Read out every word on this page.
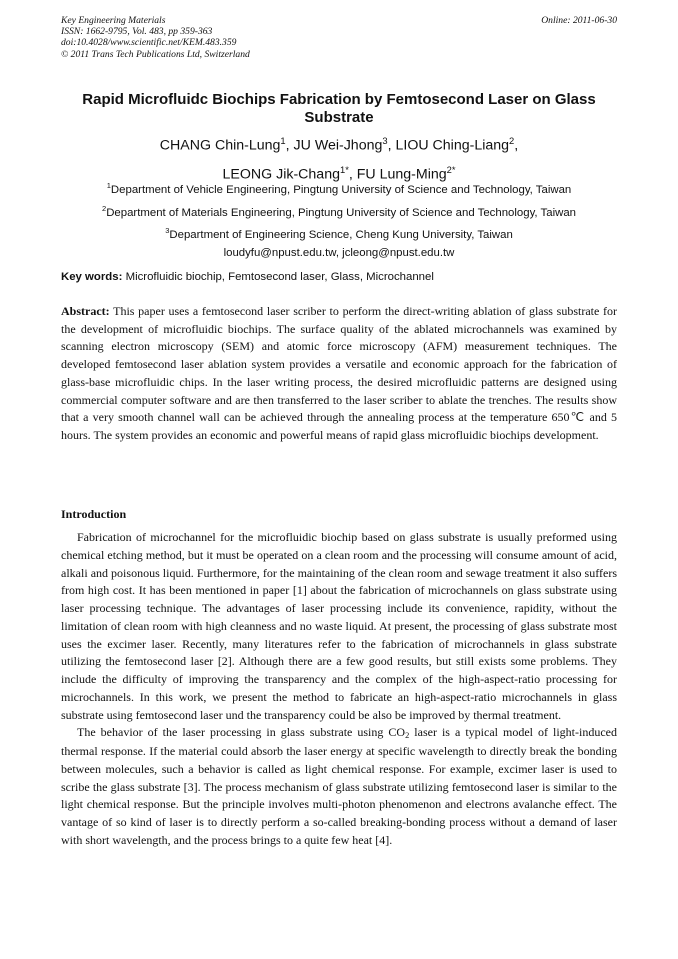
Key Engineering Materials
ISSN: 1662-9795, Vol. 483, pp 359-363
doi:10.4028/www.scientific.net/KEM.483.359
© 2011 Trans Tech Publications Ltd, Switzerland
Online: 2011-06-30
Rapid Microfluidc Biochips Fabrication by Femtosecond Laser on Glass Substrate
CHANG Chin-Lung$^1$, JU Wei-Jhong$^3$, LIOU Ching-Liang$^2$,
LEONG Jik-Chang$^{1*}$, FU Lung-Ming$^{2*}$
$^1$Department of Vehicle Engineering, Pingtung University of Science and Technology, Taiwan
$^2$Department of Materials Engineering, Pingtung University of Science and Technology, Taiwan
$^3$Department of Engineering Science, Cheng Kung University, Taiwan
loudyfu@npust.edu.tw, jcleong@npust.edu.tw
Key words: Microfluidic biochip, Femtosecond laser, Glass, Microchannel

Abstract: This paper uses a femtosecond laser scriber to perform the direct-writing ablation of glass substrate for the development of microfluidic biochips. The surface quality of the ablated microchannels was examined by scanning electron microscopy (SEM) and atomic force microscopy (AFM) measurement techniques. The developed femtosecond laser ablation system provides a versatile and economic approach for the fabrication of glass-base microfluidic chips. In the laser writing process, the desired microfluidic patterns are designed using commercial computer software and are then transferred to the laser scriber to ablate the trenches. The results show that a very smooth channel wall can be achieved through the annealing process at the temperature 650℃ and 5 hours. The system provides an economic and powerful means of rapid glass microfluidic biochips development.

Introduction

Fabrication of microchannel for the microfluidic biochip based on glass substrate is usually preformed using chemical etching method, but it must be operated on a clean room and the processing will consume amount of acid, alkali and poisonous liquid. Furthermore, for the maintaining of the clean room and sewage treatment it also suffers from high cost. It has been mentioned in paper [1] about the fabrication of microchannels on glass substrate using laser processing technique. The advantages of laser processing include its convenience, rapidity, without the limitation of clean room with high cleanness and no waste liquid. At present, the processing of glass substrate most uses the excimer laser. Recently, many literatures refer to the fabrication of microchannels in glass substrate utilizing the femtosecond laser [2]. Although there are a few good results, but still exists some problems. They include the difficulty of improving the transparency and the complex of the high-aspect-ratio processing for microchannels. In this work, we present the method to fabricate an high-aspect-ratio microchannels in glass substrate using femtosecond laser und the transparency could be also be improved by thermal treatment.

The behavior of the laser processing in glass substrate using $CO_2$ laser is a typical model of light-induced thermal response. If the material could absorb the laser energy at specific wavelength to directly break the bonding between molecules, such a behavior is called as light chemical response. For example, excimer laser is used to scribe the glass substrate [3]. The process mechanism of glass substrate utilizing femtosecond laser is similar to the light chemical response. But the principle involves multi-photon phenomenon and electrons avalanche effect. The vantage of so kind of laser is to directly perform a so-called breaking-bonding process without a demand of laser with short wavelength, and the process brings to a quite few heat [4].
